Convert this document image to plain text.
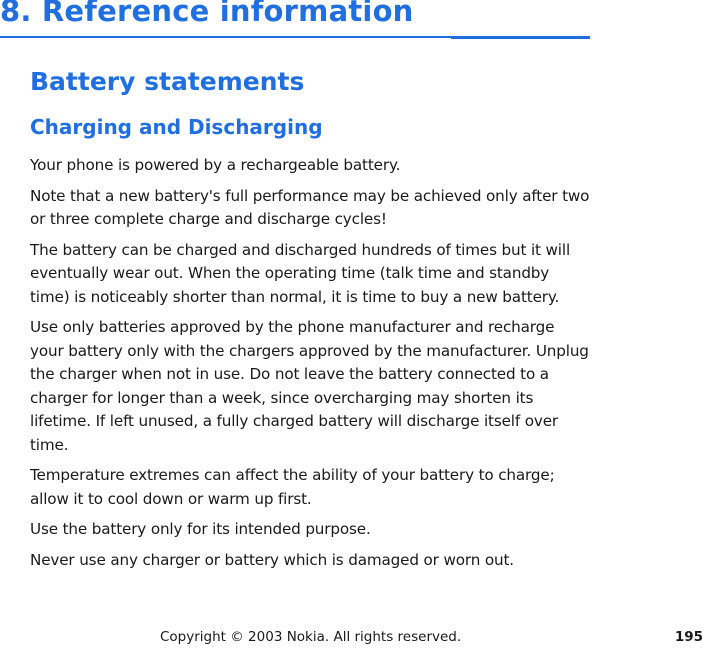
8. Reference information
Battery statements
Charging and Discharging

Your phone is powered by a rechargeable battery.

Note that a new battery's full performance may be achieved only after two or three complete charge and discharge cycles!

The battery can be charged and discharged hundreds of times but it will eventually wear out. When the operating time (talk time and standby time) is noticeably shorter than normal, it is time to buy a new battery.

Use only batteries approved by the phone manufacturer and recharge your battery only with the chargers approved by the manufacturer. Unplug the charger when not in use. Do not leave the battery connected to a charger for longer than a week, since overcharging may shorten its lifetime. If left unused, a fully charged battery will discharge itself over time.

Temperature extremes can affect the ability of your battery to charge; allow it to cool down or warm up first.

Use the battery only for its intended purpose.

Never use any charger or battery which is damaged or worn out.

Copyright © 2003 Nokia. All rights reserved.	195
